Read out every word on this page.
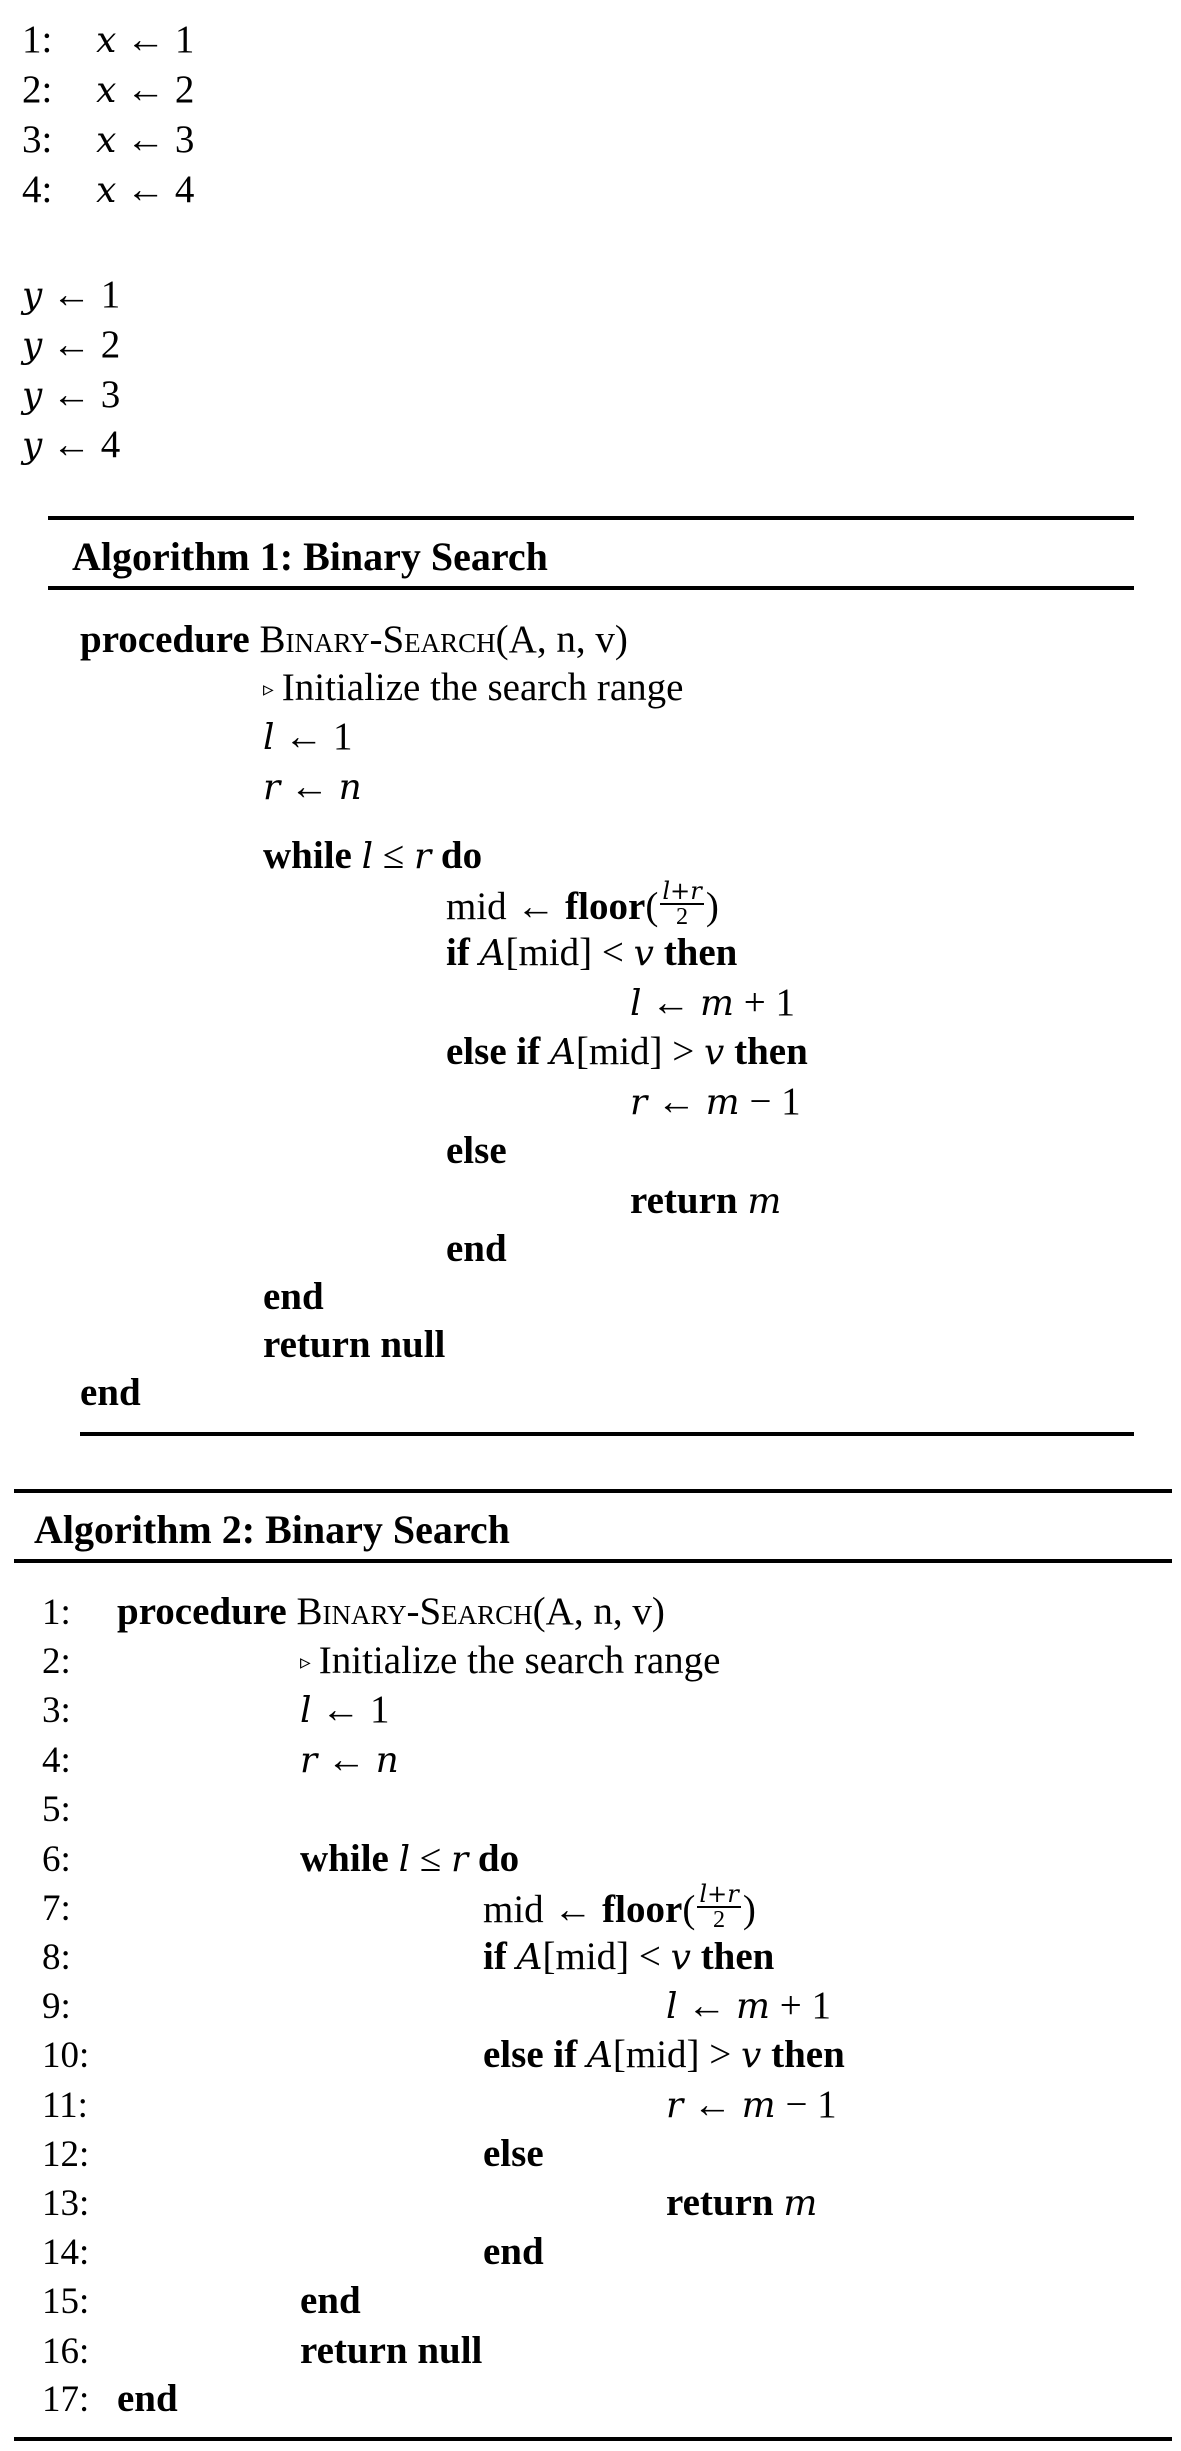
1: x ← 1
2: x ← 2
3: x ← 3
4: x ← 4
y ← 1
y ← 2
y ← 3
y ← 4
Algorithm 1: Binary Search
procedure Binary-Search(A, n, v)
▹ Initialize the search range
l ← 1
r ← n
while l ≤ r do
mid ← floor( $\frac{l+r}{2}$ )
if A[mid] < v then
l ← m + 1
else if A[mid] > v then
r ← m − 1
else
return m
end
end
return null
end
Algorithm 2: Binary Search
1:
2:
3:
4:
5:
6:
7:
8:
9:
10:
11:
12:
13:
14:
15:
16:
17:
procedure Binary-Search(A, n, v)
▹ Initialize the search range
l ← 1
r ← n
while l ≤ r do
mid ← floor( $\frac{l+r}{2}$ )
if A[mid] < v then
l ← m + 1
else if A[mid] > v then
r ← m − 1
else
return m
end
end
return null
end
